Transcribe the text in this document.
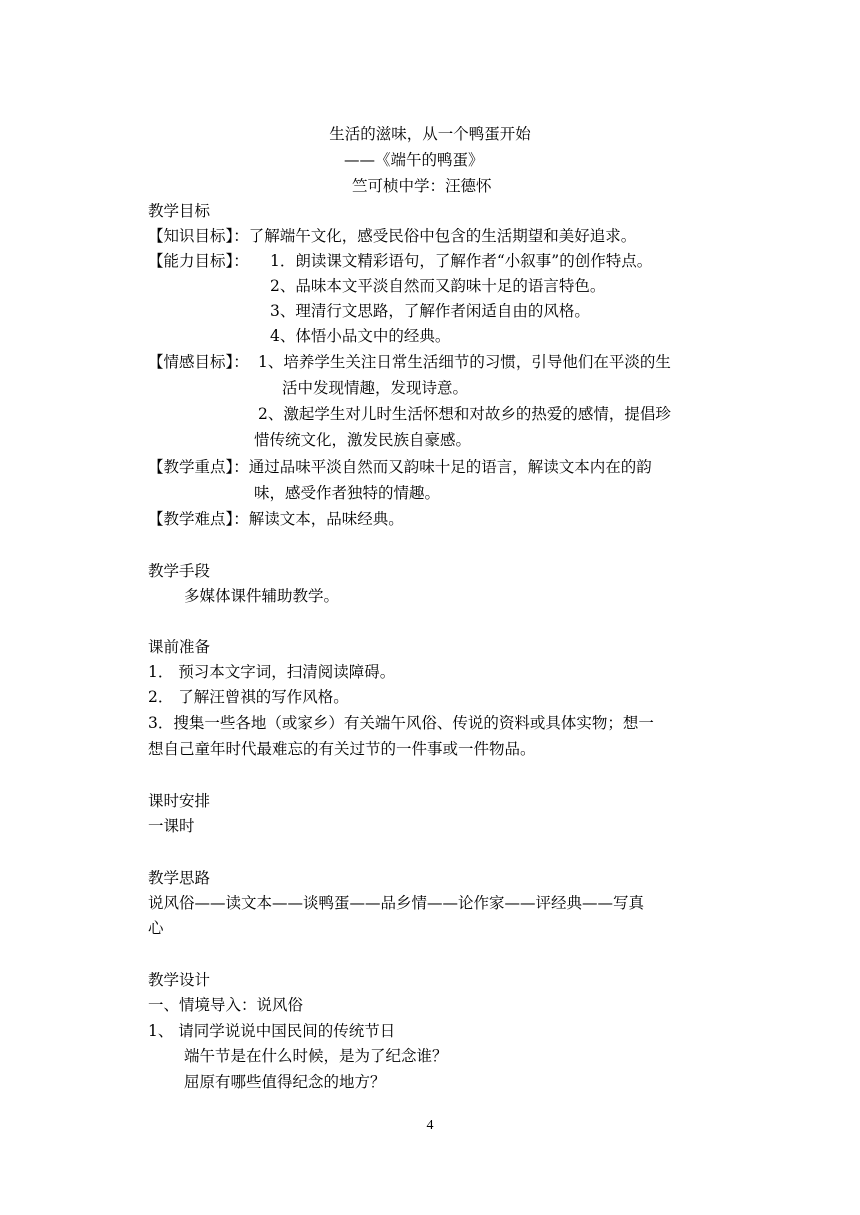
生活的滋味，从一个鸭蛋开始
——《端午的鸭蛋》
竺可桢中学：汪德怀
教学目标
【知识目标】：了解端午文化，感受民俗中包含的生活期望和美好追求。
【能力目标】： 1．朗读课文精彩语句，了解作者“小叙事”的创作特点。
2、品味本文平淡自然而又韵味十足的语言特色。
3、理清行文思路，了解作者闲适自由的风格。
4、体悟小品文中的经典。
【情感目标】： 1、培养学生关注日常生活细节的习惯，引导他们在平淡的生
活中发现情趣，发现诗意。
2、激起学生对儿时生活怀想和对故乡的热爱的感情，提倡珍
惜传统文化，激发民族自豪感。
【教学重点】：通过品味平淡自然而又韵味十足的语言，解读文本内在的韵
味，感受作者独特的情趣。
【教学难点】：解读文本，品味经典。
教学手段
多媒体课件辅助教学。
课前准备
1． 预习本文字词，扫清阅读障碍。
2． 了解汪曾祺的写作风格。
3．搜集一些各地（或家乡）有关端午风俗、传说的资料或具体实物；想一
想自己童年时代最难忘的有关过节的一件事或一件物品。
课时安排
一课时
教学思路
说风俗——读文本——谈鸭蛋——品乡情——论作家——评经典——写真
心
教学设计
一、情境导入：说风俗
1、 请同学说说中国民间的传统节日
端午节是在什么时候，是为了纪念谁？
屈原有哪些值得纪念的地方？
4
